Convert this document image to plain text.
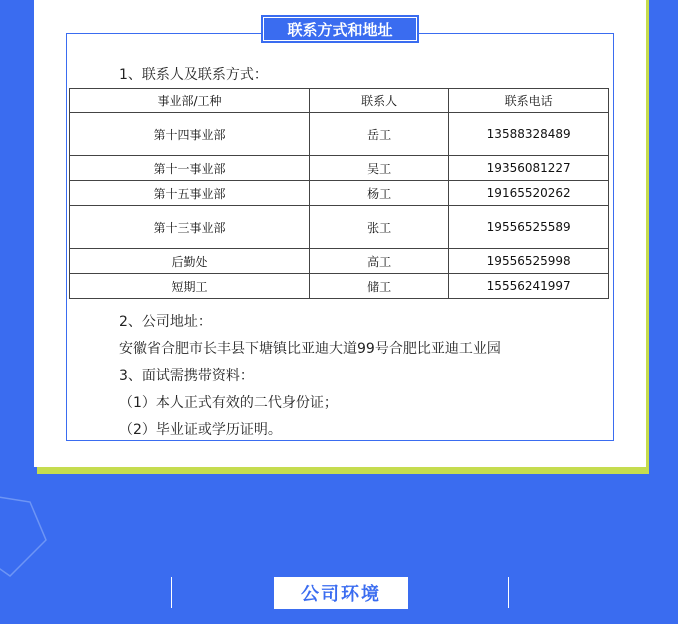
联系方式和地址
1、联系人及联系方式：
事业部/工种	联系人	联系电话
第十四事业部	岳工	13588328489
第十一事业部	吴工	19356081227
第十五事业部	杨工	19165520262
第十三事业部	张工	19556525589
后勤处	高工	19556525998
短期工	储工	15556241997
2、公司地址：
安徽省合肥市长丰县下塘镇比亚迪大道99号合肥比亚迪工业园
3、面试需携带资料：
（1）本人正式有效的二代身份证；
（2）毕业证或学历证明。
公司环境
